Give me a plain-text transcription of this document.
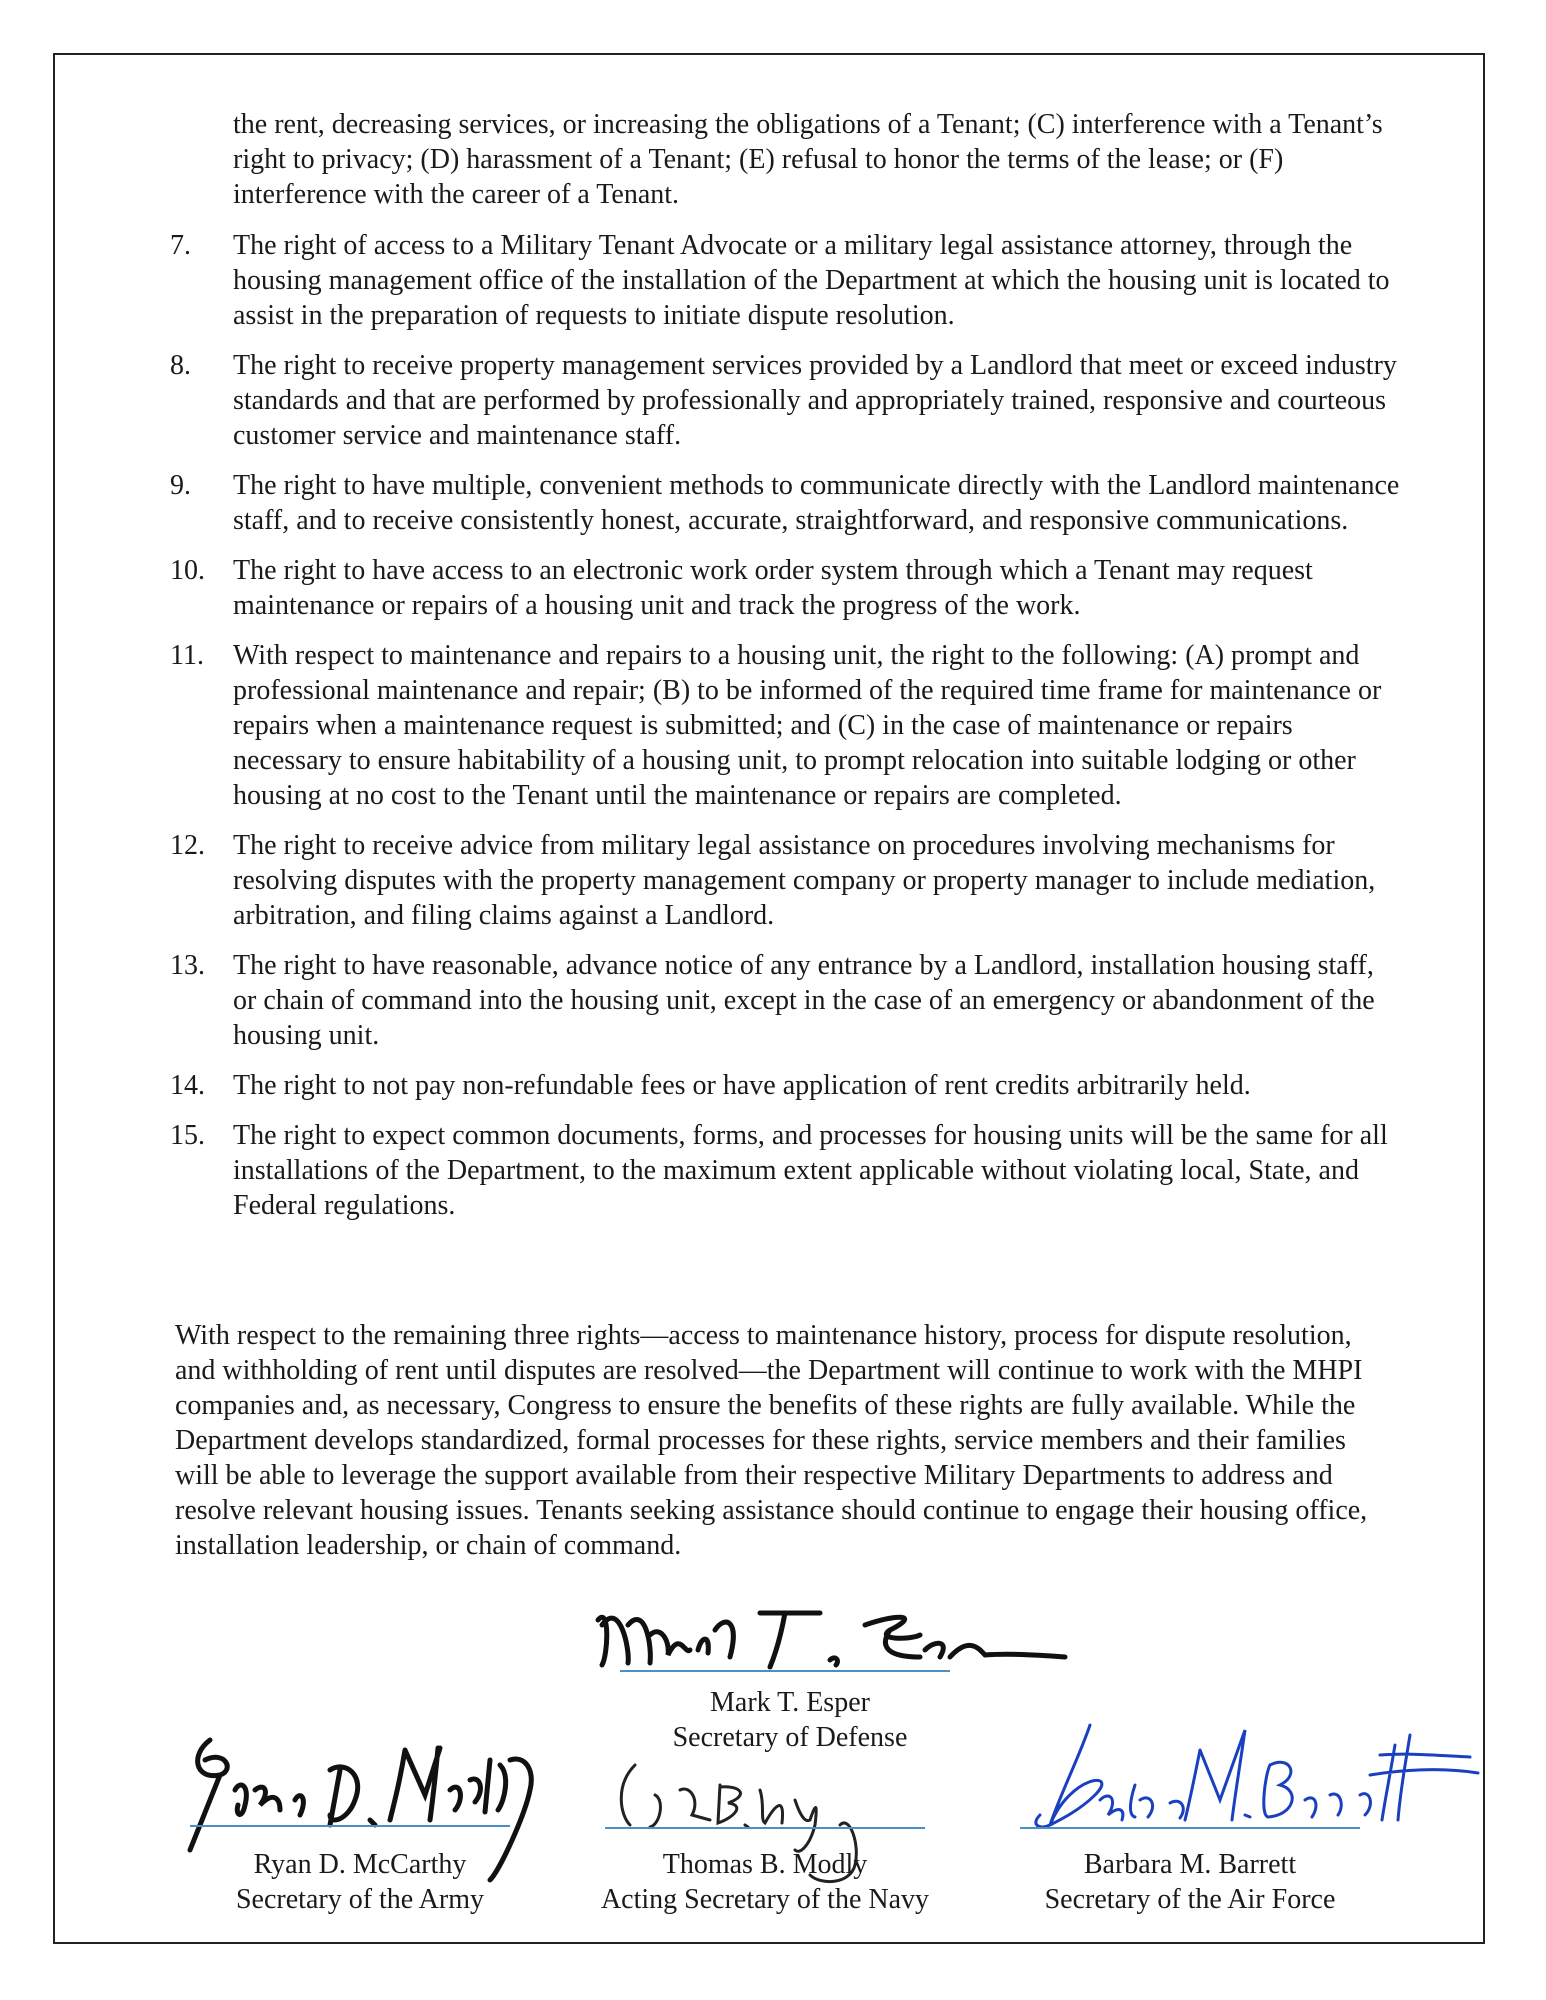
the rent, decreasing services, or increasing the obligations of a Tenant; (C) interference with a Tenant’s right to privacy; (D) harassment of a Tenant; (E) refusal to honor the terms of the lease; or (F) interference with the career of a Tenant.
7.	The right of access to a Military Tenant Advocate or a military legal assistance attorney, through the housing management office of the installation of the Department at which the housing unit is located to assist in the preparation of requests to initiate dispute resolution.
8.	The right to receive property management services provided by a Landlord that meet or exceed industry standards and that are performed by professionally and appropriately trained, responsive and courteous customer service and maintenance staff.
9.	The right to have multiple, convenient methods to communicate directly with the Landlord maintenance staff, and to receive consistently honest, accurate, straightforward, and responsive communications.
10.	The right to have access to an electronic work order system through which a Tenant may request maintenance or repairs of a housing unit and track the progress of the work.
11.	With respect to maintenance and repairs to a housing unit, the right to the following: (A) prompt and professional maintenance and repair; (B) to be informed of the required time frame for maintenance or repairs when a maintenance request is submitted; and (C) in the case of maintenance or repairs necessary to ensure habitability of a housing unit, to prompt relocation into suitable lodging or other housing at no cost to the Tenant until the maintenance or repairs are completed.
12.	The right to receive advice from military legal assistance on procedures involving mechanisms for resolving disputes with the property management company or property manager to include mediation, arbitration, and filing claims against a Landlord.
13.	The right to have reasonable, advance notice of any entrance by a Landlord, installation housing staff, or chain of command into the housing unit, except in the case of an emergency or abandonment of the housing unit.
14.	The right to not pay non-refundable fees or have application of rent credits arbitrarily held.
15.	The right to expect common documents, forms, and processes for housing units will be the same for all installations of the Department, to the maximum extent applicable without violating local, State, and Federal regulations.
With respect to the remaining three rights—access to maintenance history, process for dispute resolution, and withholding of rent until disputes are resolved—the Department will continue to work with the MHPI companies and, as necessary, Congress to ensure the benefits of these rights are fully available. While the Department develops standardized, formal processes for these rights, service members and their families will be able to leverage the support available from their respective Military Departments to address and resolve relevant housing issues. Tenants seeking assistance should continue to engage their housing office, installation leadership, or chain of command.
Mark T. Esper
Secretary of Defense
Ryan D. McCarthy
Secretary of the Army
Thomas B. Modly
Acting Secretary of the Navy
Barbara M. Barrett
Secretary of the Air Force
